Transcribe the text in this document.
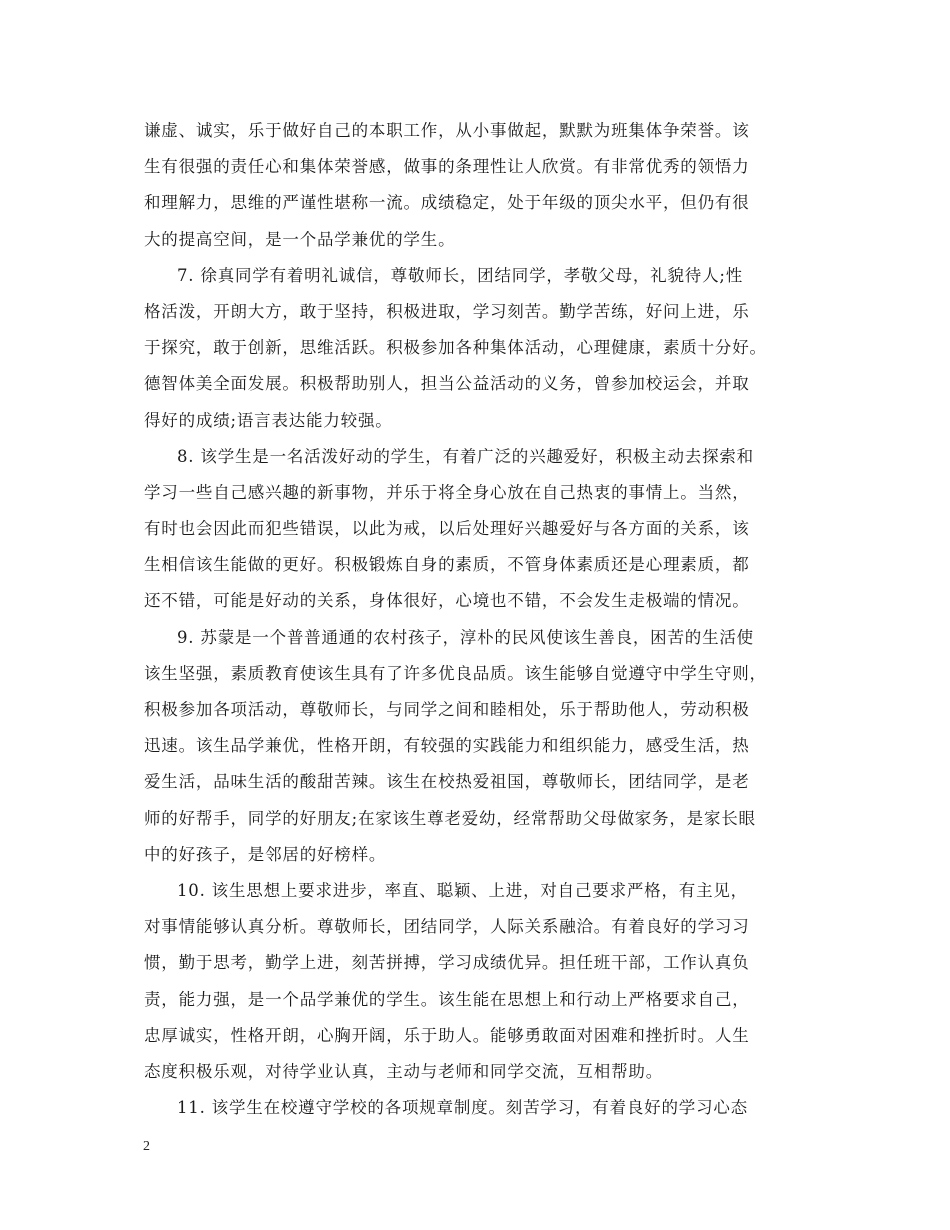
谦虚、诚实，乐于做好自己的本职工作，从小事做起，默默为班集体争荣誉。该
生有很强的责任心和集体荣誉感，做事的条理性让人欣赏。有非常优秀的领悟力
和理解力，思维的严谨性堪称一流。成绩稳定，处于年级的顶尖水平，但仍有很
大的提高空间，是一个品学兼优的学生。
7. 徐真同学有着明礼诚信，尊敬师长，团结同学，孝敬父母，礼貌待人;性
格活泼，开朗大方，敢于坚持，积极进取，学习刻苦。勤学苦练，好问上进，乐
于探究，敢于创新，思维活跃。积极参加各种集体活动，心理健康，素质十分好。
德智体美全面发展。积极帮助别人，担当公益活动的义务，曾参加校运会，并取
得好的成绩;语言表达能力较强。
8. 该学生是一名活泼好动的学生，有着广泛的兴趣爱好，积极主动去探索和
学习一些自己感兴趣的新事物，并乐于将全身心放在自己热衷的事情上。当然，
有时也会因此而犯些错误，以此为戒，以后处理好兴趣爱好与各方面的关系，该
生相信该生能做的更好。积极锻炼自身的素质，不管身体素质还是心理素质，都
还不错，可能是好动的关系，身体很好，心境也不错，不会发生走极端的情况。
9. 苏蒙是一个普普通通的农村孩子，淳朴的民风使该生善良，困苦的生活使
该生坚强，素质教育使该生具有了许多优良品质。该生能够自觉遵守中学生守则，
积极参加各项活动，尊敬师长，与同学之间和睦相处，乐于帮助他人，劳动积极
迅速。该生品学兼优，性格开朗，有较强的实践能力和组织能力，感受生活，热
爱生活，品味生活的酸甜苦辣。该生在校热爱祖国，尊敬师长，团结同学，是老
师的好帮手，同学的好朋友;在家该生尊老爱幼，经常帮助父母做家务，是家长眼
中的好孩子，是邻居的好榜样。
10. 该生思想上要求进步，率直、聪颖、上进，对自己要求严格，有主见，
对事情能够认真分析。尊敬师长，团结同学，人际关系融洽。有着良好的学习习
惯，勤于思考，勤学上进，刻苦拼搏，学习成绩优异。担任班干部，工作认真负
责，能力强，是一个品学兼优的学生。该生能在思想上和行动上严格要求自己，
忠厚诚实，性格开朗，心胸开阔，乐于助人。能够勇敢面对困难和挫折时。人生
态度积极乐观，对待学业认真，主动与老师和同学交流，互相帮助。
11. 该学生在校遵守学校的各项规章制度。刻苦学习，有着良好的学习心态
2
